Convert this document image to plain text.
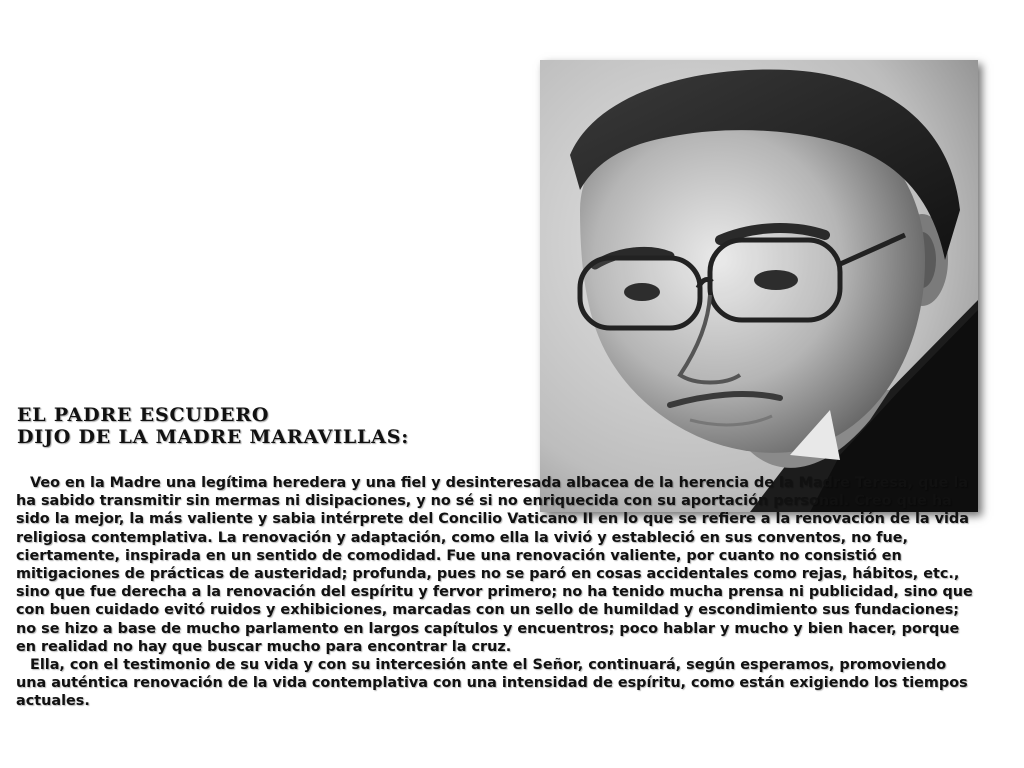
EL PADRE ESCUDERO
DIJO DE LA MADRE MARAVILLAS:

Veo en la Madre una legítima heredera y una fiel y desinteresada albacea de la herencia de la Madre Teresa, que la ha sabido transmitir sin mermas ni disipaciones, y no sé si no enriquecida con su aportación personal. Creo que ha sido la mejor, la más valiente y sabia intérprete del Concilio Vaticano II en lo que se refiere a la renovación de la vida religiosa contemplativa. La renovación y adaptación, como ella la vivió y estableció en sus conventos, no fue, ciertamente, inspirada en un sentido de comodidad. Fue una renovación valiente, por cuanto no consistió en mitigaciones de prácticas de austeridad; profunda, pues no se paró en cosas accidentales como rejas, hábitos, etc., sino que fue derecha a la renovación del espíritu y fervor primero; no ha tenido mucha prensa ni publicidad, sino que con buen cuidado evitó ruidos y exhibiciones, marcadas con un sello de humildad y escondimiento sus fundaciones; no se hizo a base de mucho parlamento en largos capítulos y encuentros; poco hablar y mucho y bien hacer, porque en realidad no hay que buscar mucho para encontrar la cruz.

Ella, con el testimonio de su vida y con su intercesión ante el Señor, continuará, según esperamos, promoviendo una auténtica renovación de la vida contemplativa con una intensidad de espíritu, como están exigiendo los tiempos actuales.
